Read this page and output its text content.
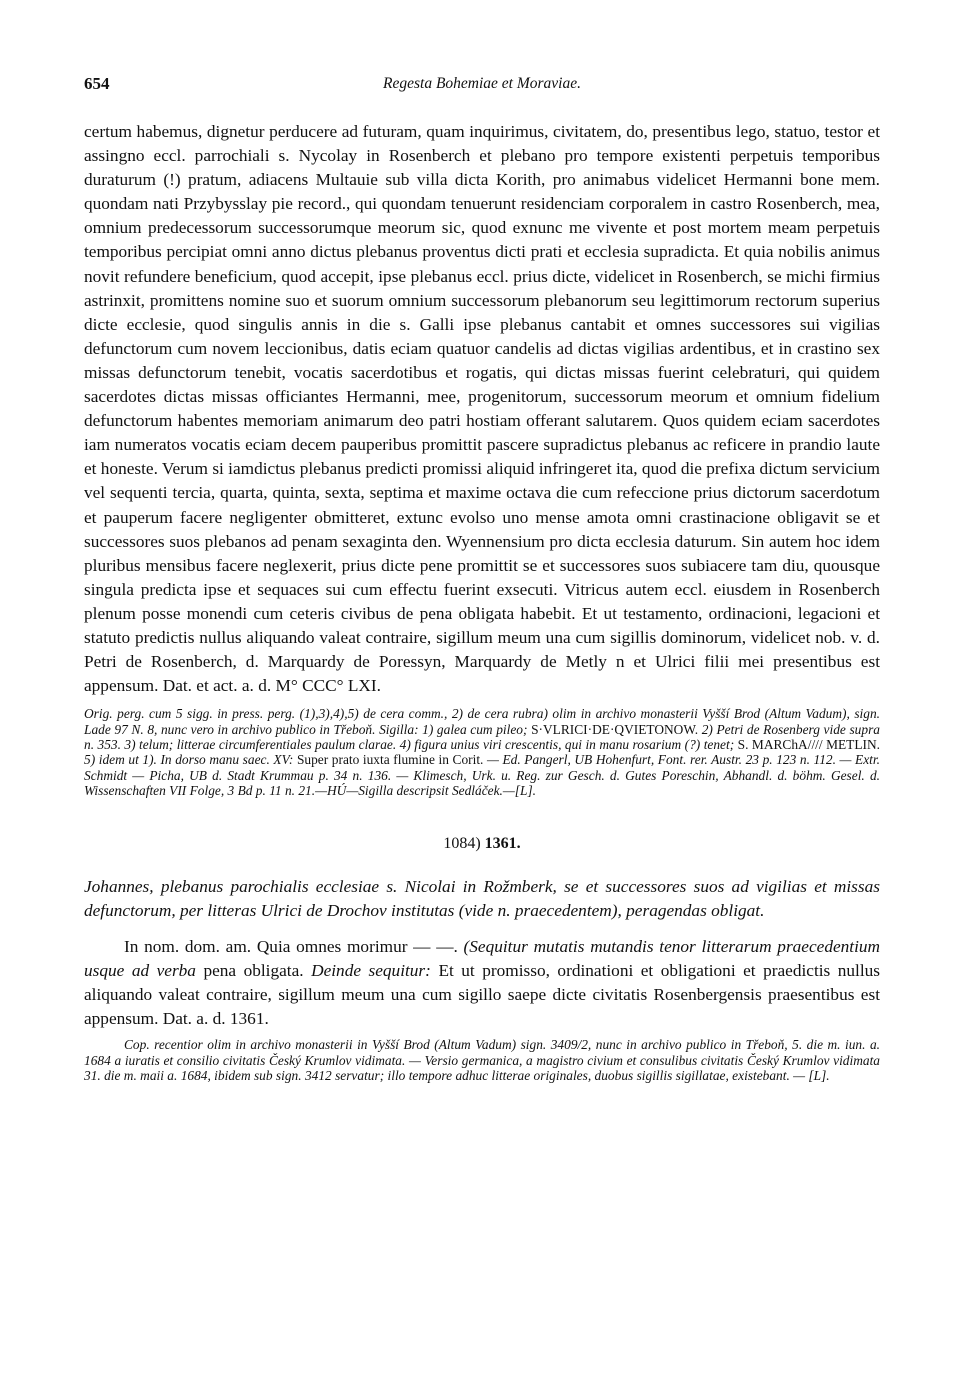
654	Regesta Bohemiae et Moraviae.

certum habemus, dignetur perducere ad futuram, quam inquirimus, civitatem, do, presentibus lego, statuo, testor et assingno eccl. parrochiali s. Nycolay in Rosenberch et plebano pro tempore existenti perpetuis temporibus duraturum (!) pratum, adiacens Multauie sub villa dicta Korith, pro animabus videlicet Hermanni bone mem. quondam nati Przybysslay pie record., qui quondam tenuerunt residenciam corporalem in castro Rosenberch, mea, omnium predecessorum successorumque meorum sic, quod exnunc me vivente et post mortem meam perpetuis temporibus percipiat omni anno dictus plebanus proventus dicti prati et ecclesia supradicta. Et quia nobilis animus novit refundere beneficium, quod accepit, ipse plebanus eccl. prius dicte, videlicet in Rosenberch, se michi firmius astrinxit, promittens nomine suo et suorum omnium successorum plebanorum seu legittimorum rectorum superius dicte ecclesie, quod singulis annis in die s. Galli ipse plebanus cantabit et omnes successores sui vigilias defunctorum cum novem leccionibus, datis eciam quatuor candelis ad dictas vigilias ardentibus, et in crastino sex missas defunctorum tenebit, vocatis sacerdotibus et rogatis, qui dictas missas fuerint celebraturi, qui quidem sacerdotes dictas missas officiantes Hermanni, mee, progenitorum, successorum meorum et omnium fidelium defunctorum habentes memoriam animarum deo patri hostiam offerant salutarem. Quos quidem eciam sacerdotes iam numeratos vocatis eciam decem pauperibus promittit pascere supradictus plebanus ac reficere in prandio laute et honeste. Verum si iamdictus plebanus predicti promissi aliquid infringeret ita, quod die prefixa dictum servicium vel sequenti tercia, quarta, quinta, sexta, septima et maxime octava die cum refeccione prius dictorum sacerdotum et pauperum facere negligenter obmitteret, extunc evolso uno mense amota omni crastinacione obligavit se et successores suos plebanos ad penam sexaginta den. Wyennensium pro dicta ecclesia daturum. Sin autem hoc idem pluribus mensibus facere neglexerit, prius dicte pene promittit se et successores suos subiacere tam diu, quousque singula predicta ipse et sequaces sui cum effectu fuerint exsecuti. Vitricus autem eccl. eiusdem in Rosenberch plenum posse monendi cum ceteris civibus de pena obligata habebit. Et ut testamento, ordinacioni, legacioni et statuto predictis nullus aliquando valeat contraire, sigillum meum una cum sigillis dominorum, videlicet nob. v. d. Petri de Rosenberch, d. Marquardy de Poressyn, Marquardy de Metly n et Ulrici filii mei presentibus est appensum. Dat. et act. a. d. M° CCC° LXI.

Orig. perg. cum 5 sigg. in press. perg. (1),3),4),5) de cera comm., 2) de cera rubra) olim in archivo monasterii Vyšší Brod (Altum Vadum), sign. Lade 97 N. 8, nunc vero in archivo publico in Třeboň. Sigilla: 1) galea cum pileo; S·VLRICI·DE·QVIETONOW. 2) Petri de Rosenberg vide supra n. 353. 3) telum; litterae circumferentiales paulum clarae. 4) figura unius viri crescentis, qui in manu rosarium (?) tenet; S. MARChA//// METLIN. 5) idem ut 1). In dorso manu saec. XV: Super prato iuxta flumine in Corit. — Ed. Pangerl, UB Hohenfurt, Font. rer. Austr. 23 p. 123 n. 112. — Extr. Schmidt — Picha, UB d. Stadt Krummau p. 34 n. 136. — Klimesch, Urk. u. Reg. zur Gesch. d. Gutes Poreschin, Abhandl. d. böhm. Gesel. d. Wissenschaften VII Folge, 3 Bd p. 11 n. 21.—HÚ—Sigilla descripsit Sedláček.—[L].
1084) 1361.
Johannes, plebanus parochialis ecclesiae s. Nicolai in Rožmberk, se et successores suos ad vigilias et missas defunctorum, per litteras Ulrici de Drochov institutas (vide n. praecedentem), peragendas obligat.
In nom. dom. am. Quia omnes morimur — —. (Sequitur mutatis mutandis tenor litterarum praecedentium usque ad verba pena obligata. Deinde sequitur: Et ut promisso, ordinationi et obligationi et praedictis nullus aliquando valeat contraire, sigillum meum una cum sigillo saepe dicte civitatis Rosenbergensis praesentibus est appensum. Dat. a. d. 1361.
Cop. recentior olim in archivo monasterii in Vyšší Brod (Altum Vadum) sign. 3409/2, nunc in archivo publico in Třeboň, 5. die m. iun. a. 1684 a iuratis et consilio civitatis Český Krumlov vidimata. — Versio germanica, a magistro civium et consulibus civitatis Český Krumlov vidimata 31. die m. maii a. 1684, ibidem sub sign. 3412 servatur; illo tempore adhuc litterae originales, duobus sigillis sigillatae, existebant. — [L].
